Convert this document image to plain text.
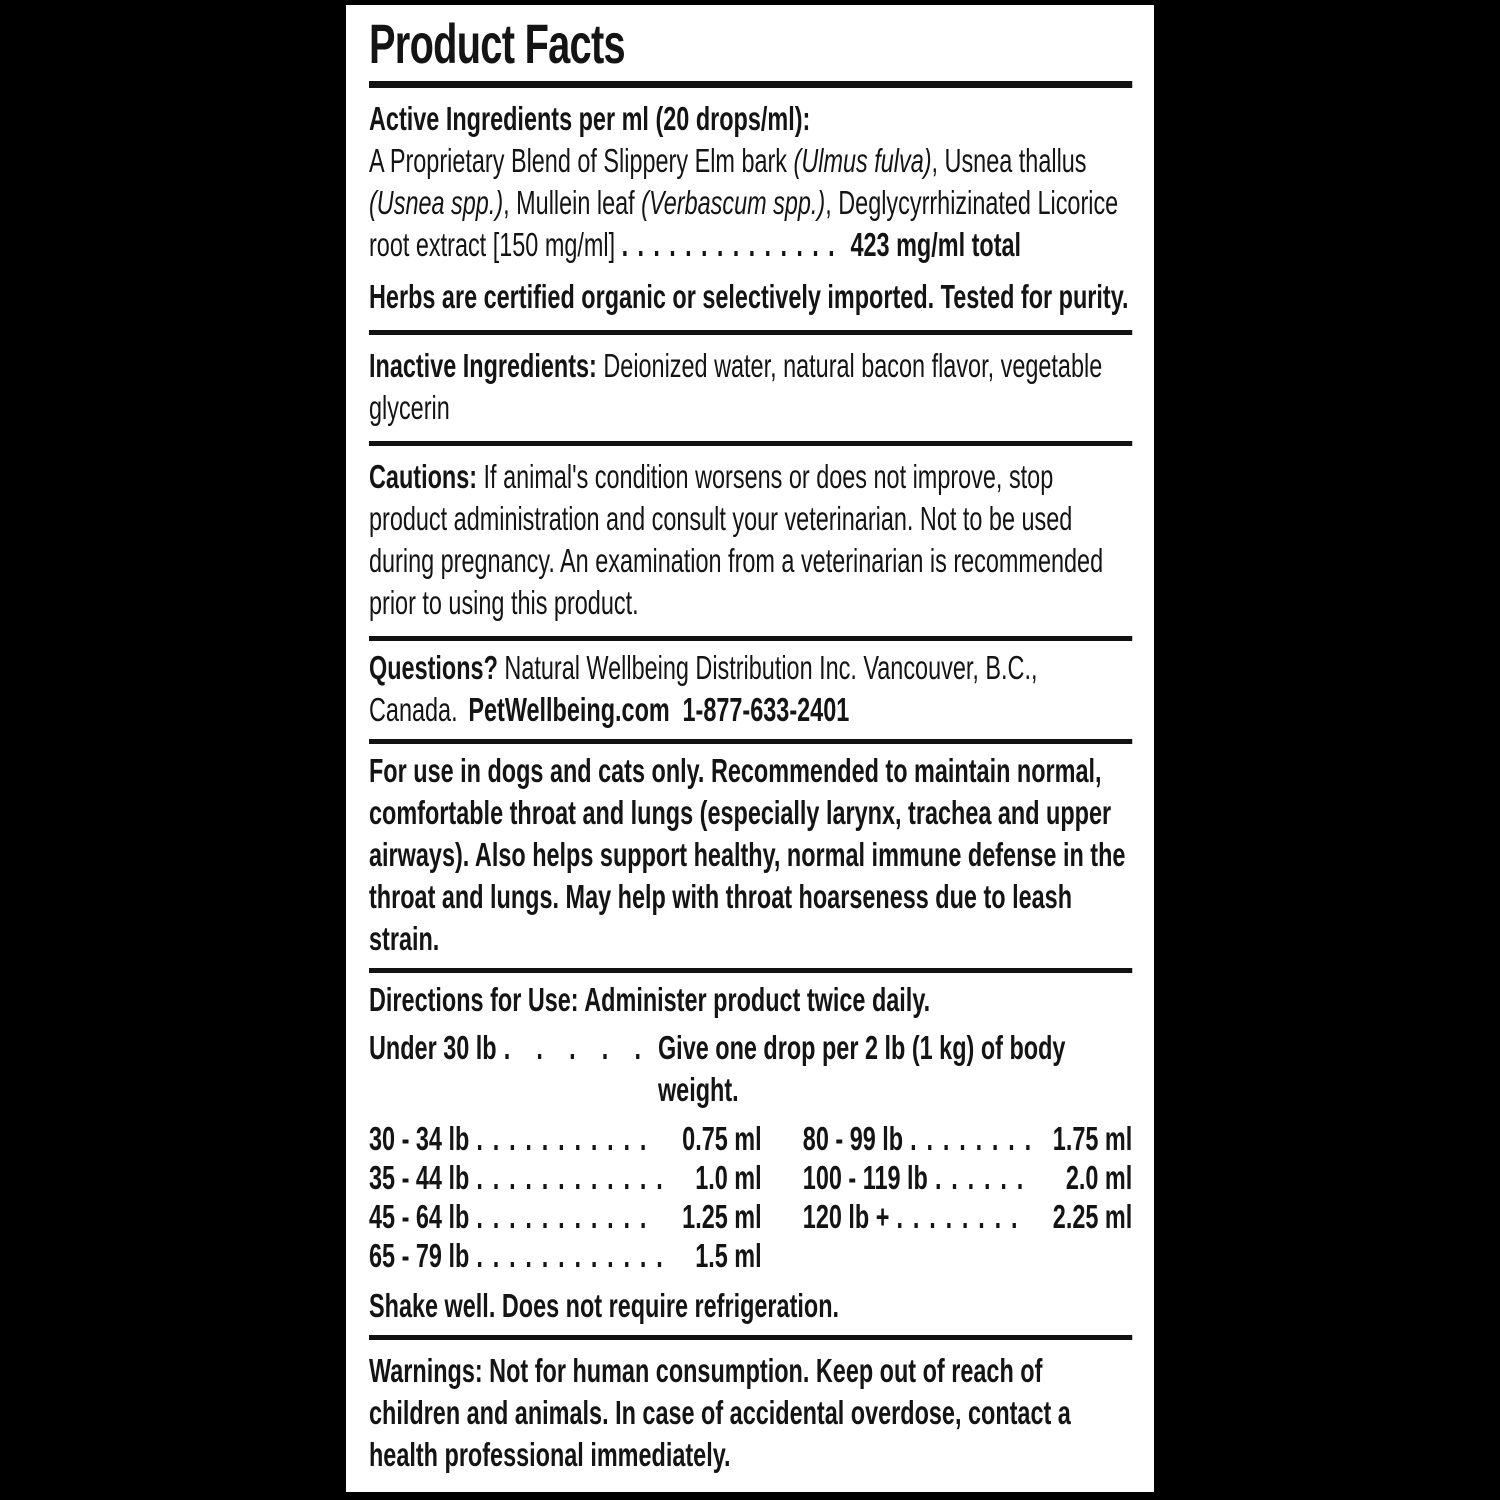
Product Facts

Active Ingredients per ml (20 drops/ml):

A Proprietary Blend of Slippery Elm bark (Ulmus fulva), Usnea thallus (Usnea spp.), Mullein leaf (Verbascum spp.), Deglycyrrhizinated Licorice root extract [150 mg/ml] .............. 423 mg/ml total

Herbs are certified organic or selectively imported. Tested for purity.

Inactive Ingredients: Deionized water, natural bacon flavor, vegetable glycerin

Cautions: If animal's condition worsens or does not improve, stop product administration and consult your veterinarian. Not to be used during pregnancy. An examination from a veterinarian is recommended prior to using this product.

Questions? Natural Wellbeing Distribution Inc. Vancouver, B.C., Canada. PetWellbeing.com 1-877-633-2401

For use in dogs and cats only. Recommended to maintain normal, comfortable throat and lungs (especially larynx, trachea and upper airways). Also helps support healthy, normal immune defense in the throat and lungs. May help with throat hoarseness due to leash strain.

Directions for Use: Administer product twice daily.

Under 30 lb . . . . . Give one drop per 2 lb (1 kg) of body weight.

30 - 34 lb ........... 0.75 ml
35 - 44 lb ............ 1.0 ml
45 - 64 lb ........... 1.25 ml
65 - 79 lb ............ 1.5 ml
80 - 99 lb ........ 1.75 ml
100 - 119 lb ...... 2.0 ml
120 lb + ........ 2.25 ml

Shake well. Does not require refrigeration.

Warnings: Not for human consumption. Keep out of reach of children and animals. In case of accidental overdose, contact a health professional immediately.
